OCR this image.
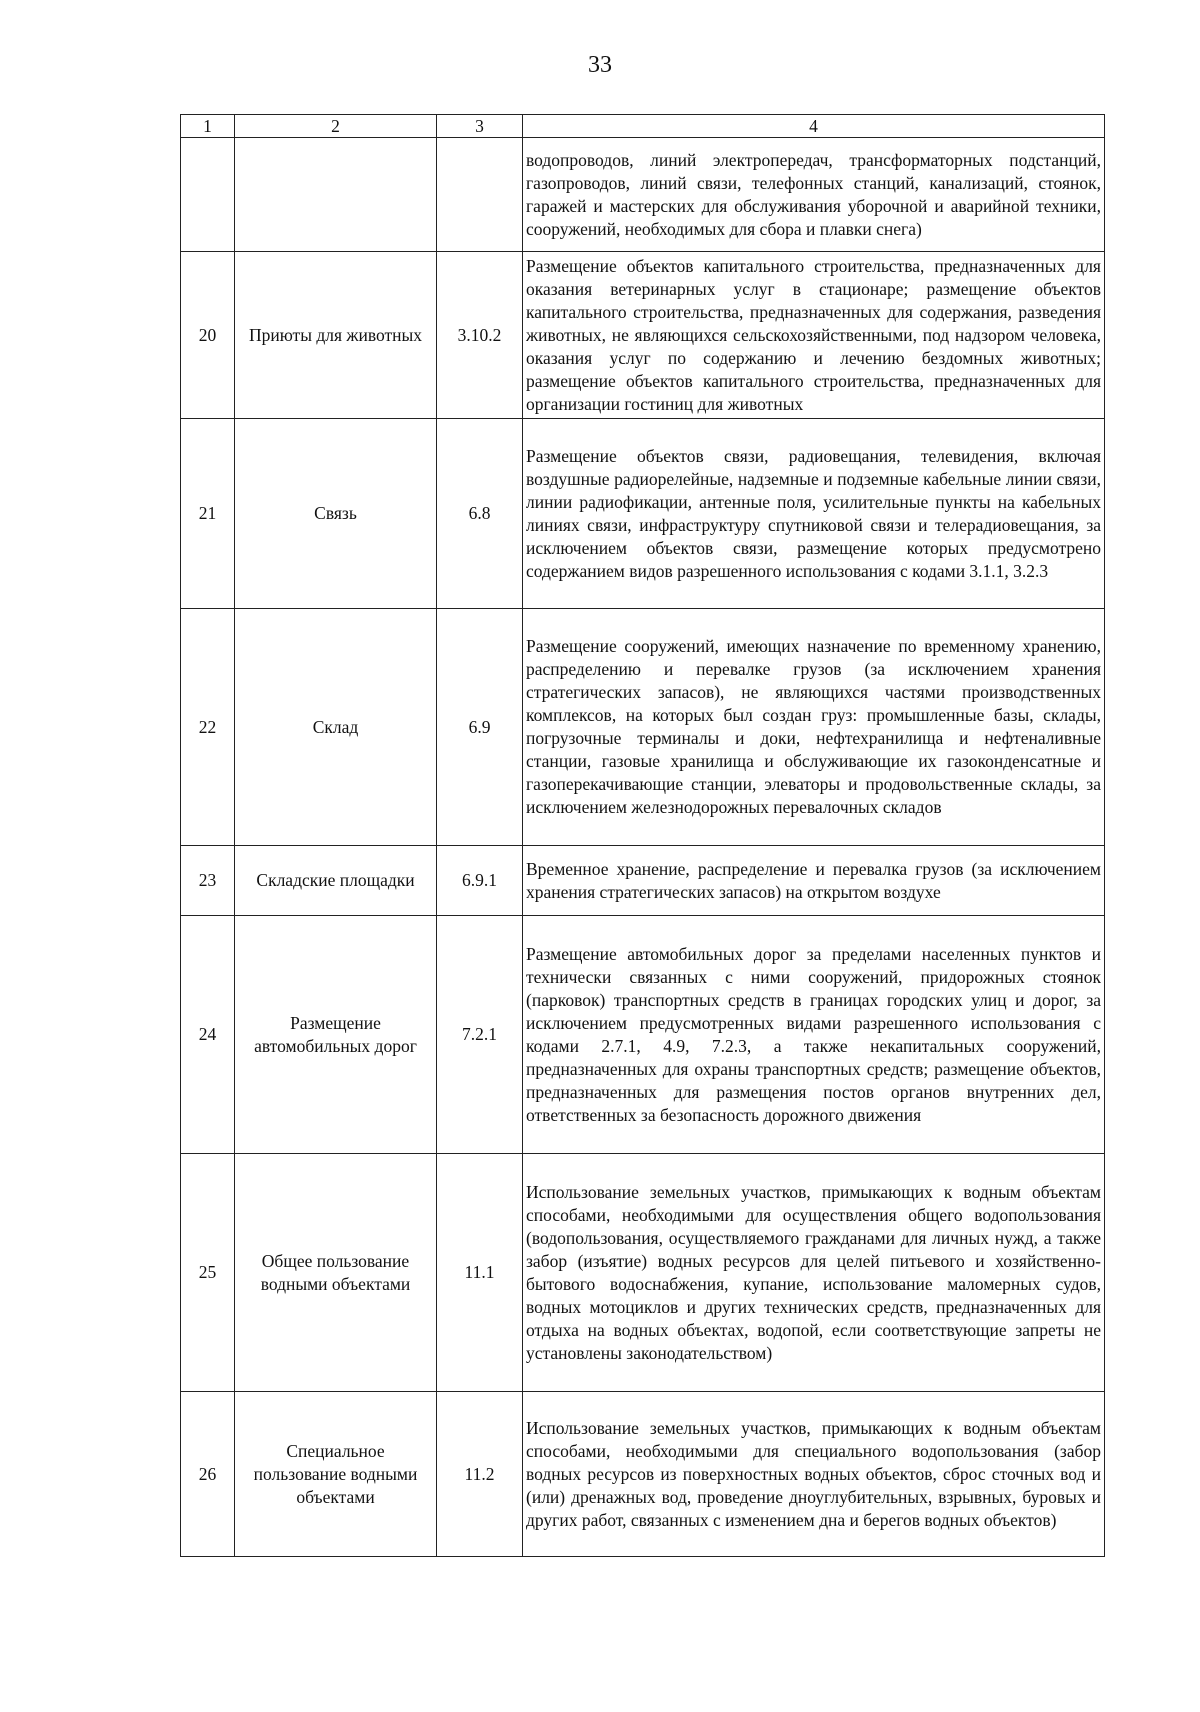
33
1	2	3	4
			водопроводов, линий электропередач, трансформаторных подстанций, газопроводов, линий связи, телефонных станций, канализаций, стоянок, гаражей и мастерских для обслуживания уборочной и аварийной техники, сооружений, необходимых для сбора и плавки снега)
20	Приюты для животных	3.10.2	Размещение объектов капитального строительства, предназначенных для оказания ветеринарных услуг в стационаре; размещение объектов капитального строительства, предназначенных для содержания, разведения животных, не являющихся сельскохозяйственными, под надзором человека, оказания услуг по содержанию и лечению бездомных животных; размещение объектов капитального строительства, предназначенных для организации гостиниц для животных
21	Связь	6.8	Размещение объектов связи, радиовещания, телевидения, включая воздушные радиорелейные, надземные и подземные кабельные линии связи, линии радиофикации, антенные поля, усилительные пункты на кабельных линиях связи, инфраструктуру спутниковой связи и телерадиовещания, за исключением объектов связи, размещение которых предусмотрено содержанием видов разрешенного использования с кодами 3.1.1, 3.2.3
22	Склад	6.9	Размещение сооружений, имеющих назначение по временному хранению, распределению и перевалке грузов (за исключением хранения стратегических запасов), не являющихся частями производственных комплексов, на которых был создан груз: промышленные базы, склады, погрузочные терминалы и доки, нефтехранилища и нефтеналивные станции, газовые хранилища и обслуживающие их газоконденсатные и газоперекачивающие станции, элеваторы и продовольственные склады, за исключением железнодорожных перевалочных складов
23	Складские площадки	6.9.1	Временное хранение, распределение и перевалка грузов (за исключением хранения стратегических запасов) на открытом воздухе
24	Размещение автомобильных дорог	7.2.1	Размещение автомобильных дорог за пределами населенных пунктов и технически связанных с ними сооружений, придорожных стоянок (парковок) транспортных средств в границах городских улиц и дорог, за исключением предусмотренных видами разрешенного использования с кодами 2.7.1, 4.9, 7.2.3, а также некапитальных сооружений, предназначенных для охраны транспортных средств; размещение объектов, предназначенных для размещения постов органов внутренних дел, ответственных за безопасность дорожного движения
25	Общее пользование водными объектами	11.1	Использование земельных участков, примыкающих к водным объектам способами, необходимыми для осуществления общего водопользования (водопользования, осуществляемого гражданами для личных нужд, а также забор (изъятие) водных ресурсов для целей питьевого и хозяйственно-бытового водоснабжения, купание, использование маломерных судов, водных мотоциклов и других технических средств, предназначенных для отдыха на водных объектах, водопой, если соответствующие запреты не установлены законодательством)
26	Специальное пользование водными объектами	11.2	Использование земельных участков, примыкающих к водным объектам способами, необходимыми для специального водопользования (забор водных ресурсов из поверхностных водных объектов, сброс сточных вод и (или) дренажных вод, проведение дноуглубительных, взрывных, буровых и других работ, связанных с изменением дна и берегов водных объектов)
